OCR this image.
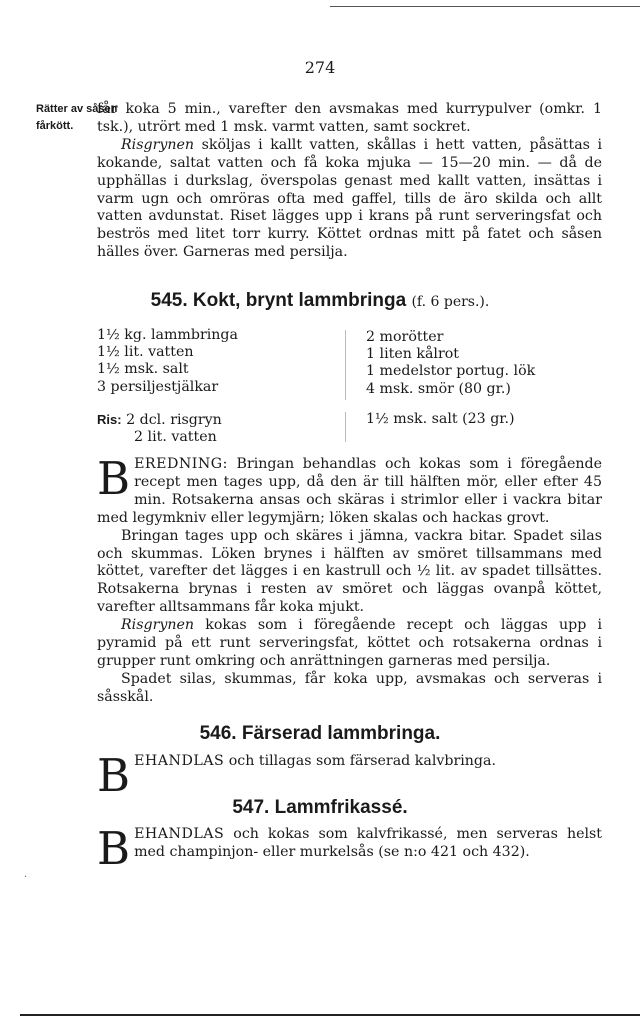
274
Rätter av såsen
fårkött.

får koka 5 min., varefter den avsmakas med kurrypulver (omkr. 1 tsk.), utrört med 1 msk. varmt vatten, samt sockret.

Risgrynen sköljas i kallt vatten, skållas i hett vatten, påsättas i kokande, saltat vatten och få koka mjuka — 15—20 min. — då de upphällas i durkslag, överspolas genast med kallt vatten, insättas i varm ugn och omröras ofta med gaffel, tills de äro skilda och allt vatten avdunstat. Riset lägges upp i krans på runt serveringsfat och beströs med litet torr kurry. Köttet ordnas mitt på fatet och såsen hälles över. Garneras med persilja.

545. Kokt, brynt lammbringa (f. 6 pers.).
1½ kg. lammbringa
1½ lit. vatten
1½ msk. salt
3 persiljestjälkar
2 morötter
1 liten kålrot
1 medelstor portug. lök
4 msk. smör (80 gr.)
Ris: 2 dcl. risgryn
2 lit. vatten
1½ msk. salt (23 gr.)

BEREDNING: Bringan behandlas och kokas som i föregående recept men tages upp, då den är till hälften mör, eller efter 45 min. Rotsakerna ansas och skäras i strimlor eller i vackra bitar med legymkniv eller legymjärn; löken skalas och hackas grovt.

Bringan tages upp och skäres i jämna, vackra bitar. Spadet silas och skummas. Löken brynes i hälften av smöret tillsammans med köttet, varefter det lägges i en kastrull och ½ lit. av spadet tillsättes. Rotsakerna brynas i resten av smöret och läggas ovanpå köttet, varefter alltsammans får koka mjukt.

Risgrynen kokas som i föregående recept och läggas upp i pyramid på ett runt serveringsfat, köttet och rotsakerna ordnas i grupper runt omkring och anrättningen garneras med persilja.

Spadet silas, skummas, får koka upp, avsmakas och serveras i såsskål.

546. Färserad lammbringa.

BEHANDLAS och tillagas som färserad kalvbringa.

547. Lammfrikassé.

BEHANDLAS och kokas som kalvfrikassé, men serveras helst med champinjon- eller murkelsås (se n:o 421 och 432).

·
